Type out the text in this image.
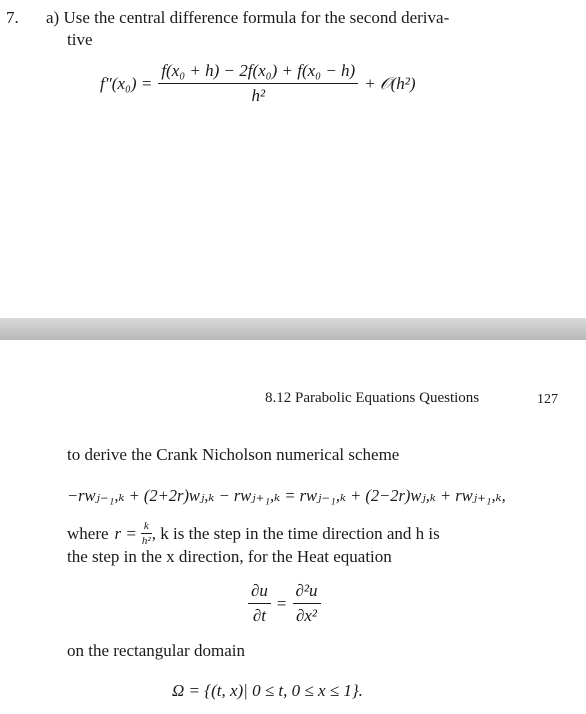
7. a) Use the central difference formula for the second deriva-
tive
$f''(x_0) = \frac{\text{f(x₀ + h) − 2f(x₀) + f(x₀ − h)}}{\text{h²}}$ + 𝒪(h²)
8.12 Parabolic Equations Questions	127
to derive the Crank Nicholson numerical scheme
−rwⱼ₋₁,ₖ + (2+2r)wⱼ,ₖ − rwⱼ₊₁,ₖ = rwⱼ₋₁,ₖ + (2−2r)wⱼ,ₖ + rwⱼ₊₁,ₖ,
where $r = \frac{k}{\text{h²}}$ , k is the step in the time direction and h is
the step in the x direction, for the Heat equation
$\frac{\partial u}{\partial t} = \frac{\text{∂²u}}{\text{∂x²}}$
on the rectangular domain
Ω = {(t, x)| 0 ≤ t, 0 ≤ x ≤ 1}.
